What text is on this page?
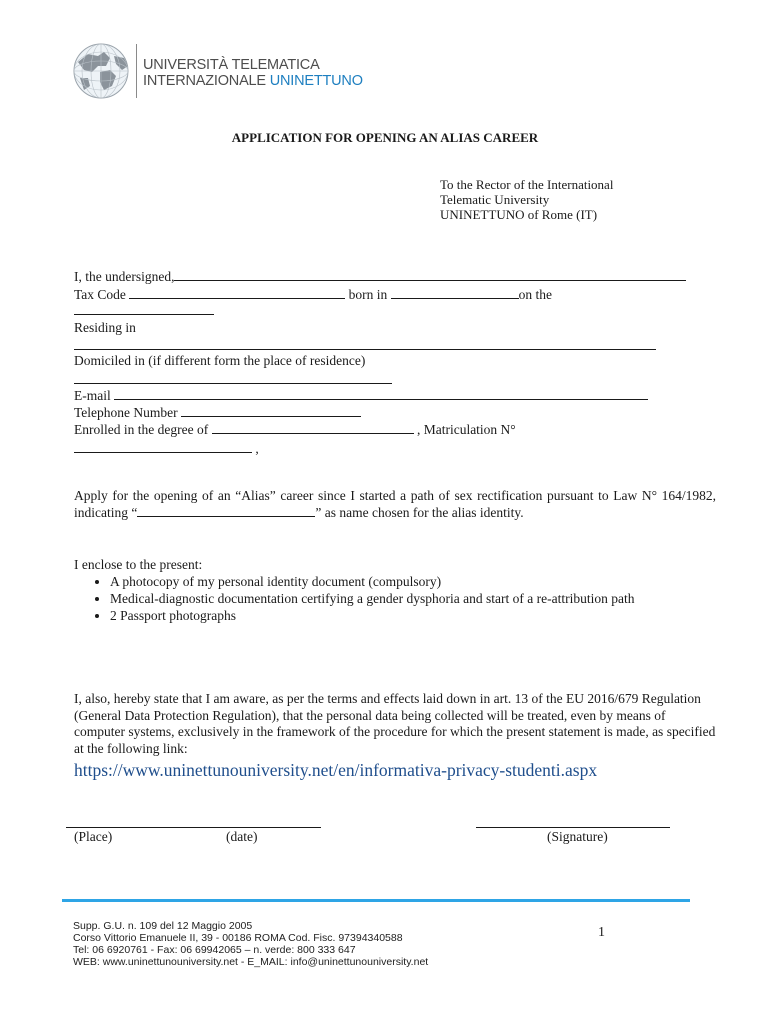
UNIVERSITÀ TELEMATICA
INTERNAZIONALE UNINETTUNO
APPLICATION FOR OPENING AN ALIAS CAREER
To the Rector of the International
Telematic University
UNINETTUNO of Rome (IT)
I, the undersigned,
Tax Code	born in	on the
Residing in
Domiciled in (if different form the place of residence)
E-mail
Telephone Number
Enrolled in the degree of	, Matriculation N°
,
Apply for the opening of an “Alias” career since I started a path of sex rectification pursuant to Law N° 164/1982, indicating “	” as name chosen for the alias identity.
I enclose to the present:
• A photocopy of my personal identity document (compulsory)
• Medical-diagnostic documentation certifying a gender dysphoria and start of a re-attribution path
• 2 Passport photographs
I, also, hereby state that I am aware, as per the terms and effects laid down in art. 13 of the EU 2016/679 Regulation (General Data Protection Regulation), that the personal data being collected will be treated, even by means of computer systems, exclusively in the framework of the procedure for which the present statement is made, as specified at the following link:
https://www.uninettunouniversity.net/en/informativa-privacy-studenti.aspx
(Place)	(date)	(Signature)
Supp. G.U. n. 109 del 12 Maggio 2005
Corso Vittorio Emanuele II, 39 - 00186 ROMA Cod. Fisc. 97394340588
Tel: 06 6920761 - Fax: 06 69942065 – n. verde: 800 333 647
WEB: www.uninettunouniversity.net - E_MAIL: info@uninettunouniversity.net
1
